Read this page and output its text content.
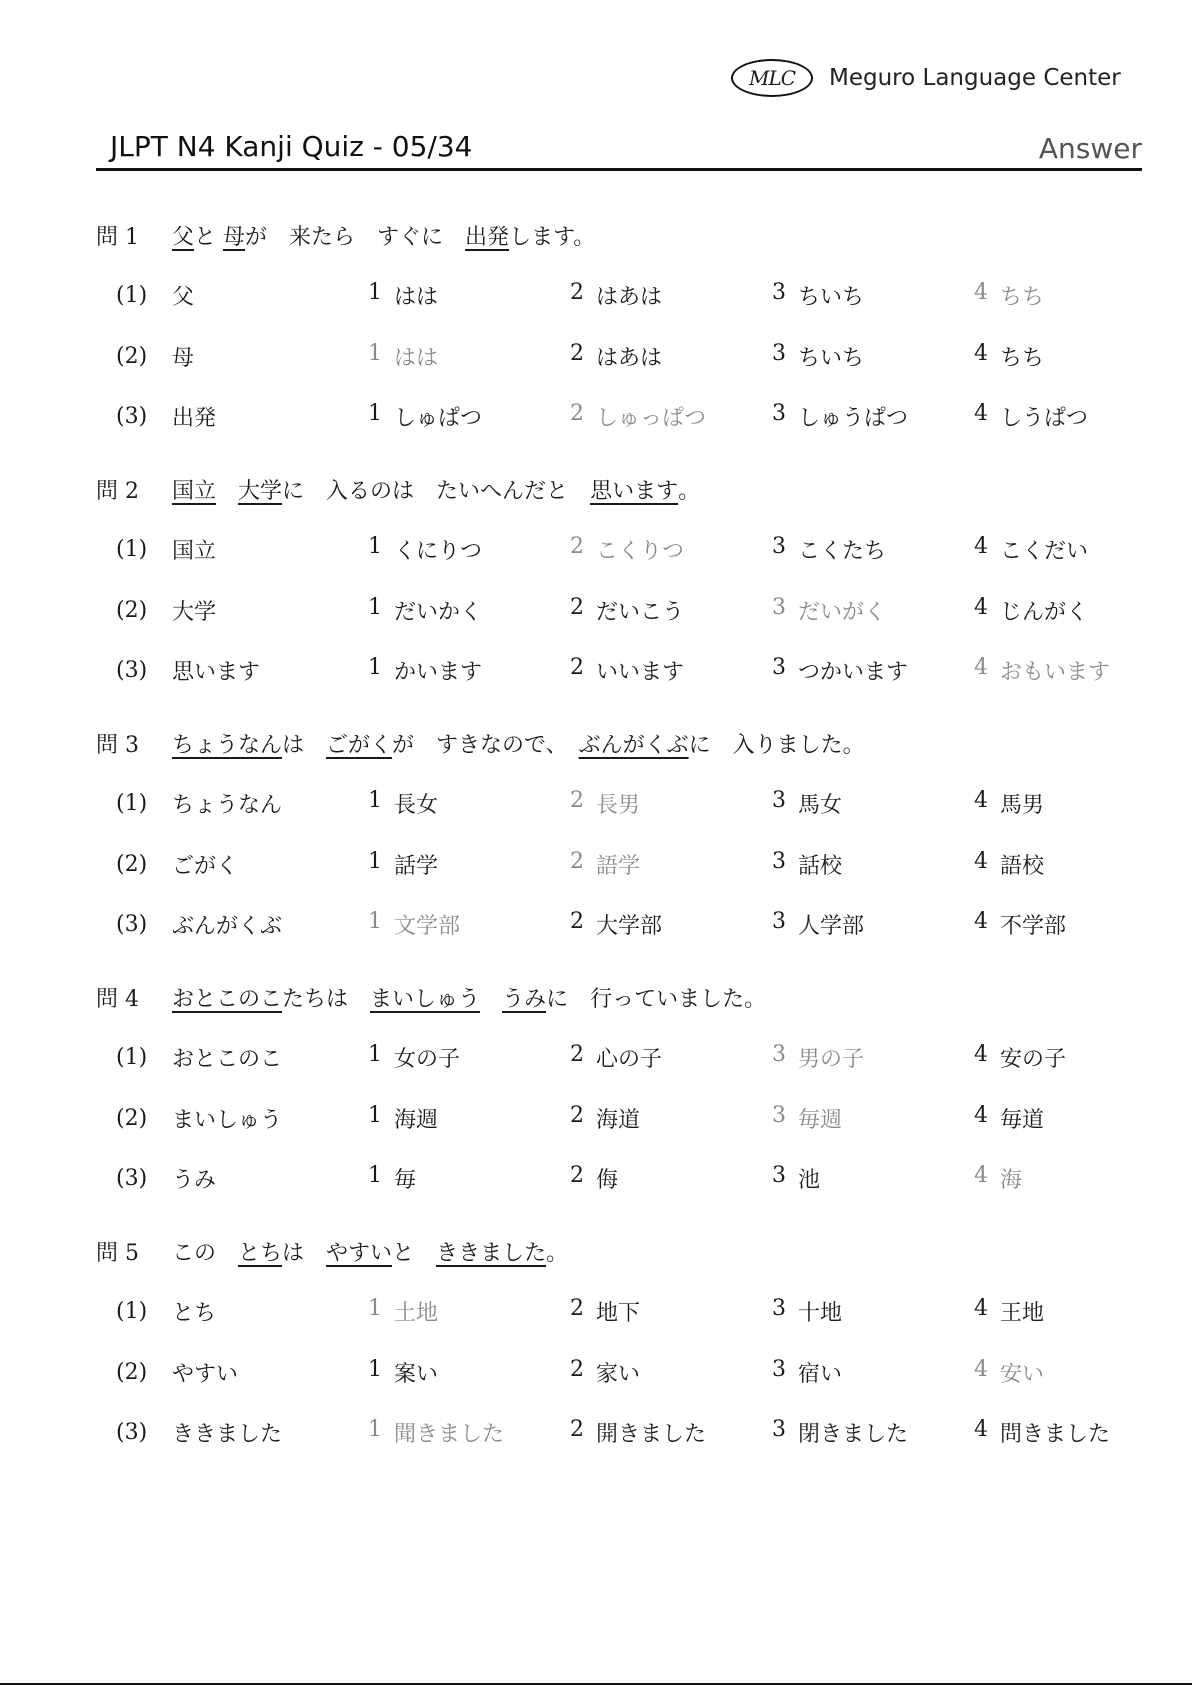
MLC	Meguro Language Center
JLPT N4 Kanji Quiz - 05/34	Answer
問 1	父 と 母 が　来たら　すぐに　 出発 します。
(1)	父	1 はは	2 はあは	3 ちいち	4 ちち
(2)	母	1 はは	2 はあは	3 ちいち	4 ちち
(3)	出発	1 しゅぱつ	2 しゅっぱつ	3 しゅうぱつ	4 しうぱつ
問 2	国立
　 大学 に　入るのは　たいへんだと　 思います 。
(1)	国立	1 くにりつ	2 こくりつ	3 こくたち	4 こくだい
(2)	大学	1 だいかく	2 だいこう	3 だいがく	4 じんがく
(3)	思います	1 かいます	2 いいます	3 つかいます	4 おもいます
問 3	ちょうなん は　 ごがく が　すきなので、　 ぶんがくぶ に　入りました。
(1)	ちょうなん	1 長女	2 長男	3 馬女	4 馬男
(2)	ごがく	1 話学	2 語学	3 話校	4 語校
(3)	ぶんがくぶ	1 文学部	2 大学部	3 人学部	4 不学部
問 4	おとこのこ たちは　 まいしゅう
　 うみ に　行っていました。
(1)	おとこのこ	1 女の子	2 心の子	3 男の子	4 安の子
(2)	まいしゅう	1 海週	2 海道	3 毎週	4 毎道
(3)	うみ	1 毎	2 侮	3 池	4 海
問 5	この　 とち は　 やすい と　 ききました 。
(1)	とち	1 土地	2 地下	3 十地	4 王地
(2)	やすい	1 案い	2 家い	3 宿い	4 安い
(3)	ききました	1 聞きました	2 開きました	3 閉きました	4 問きました
